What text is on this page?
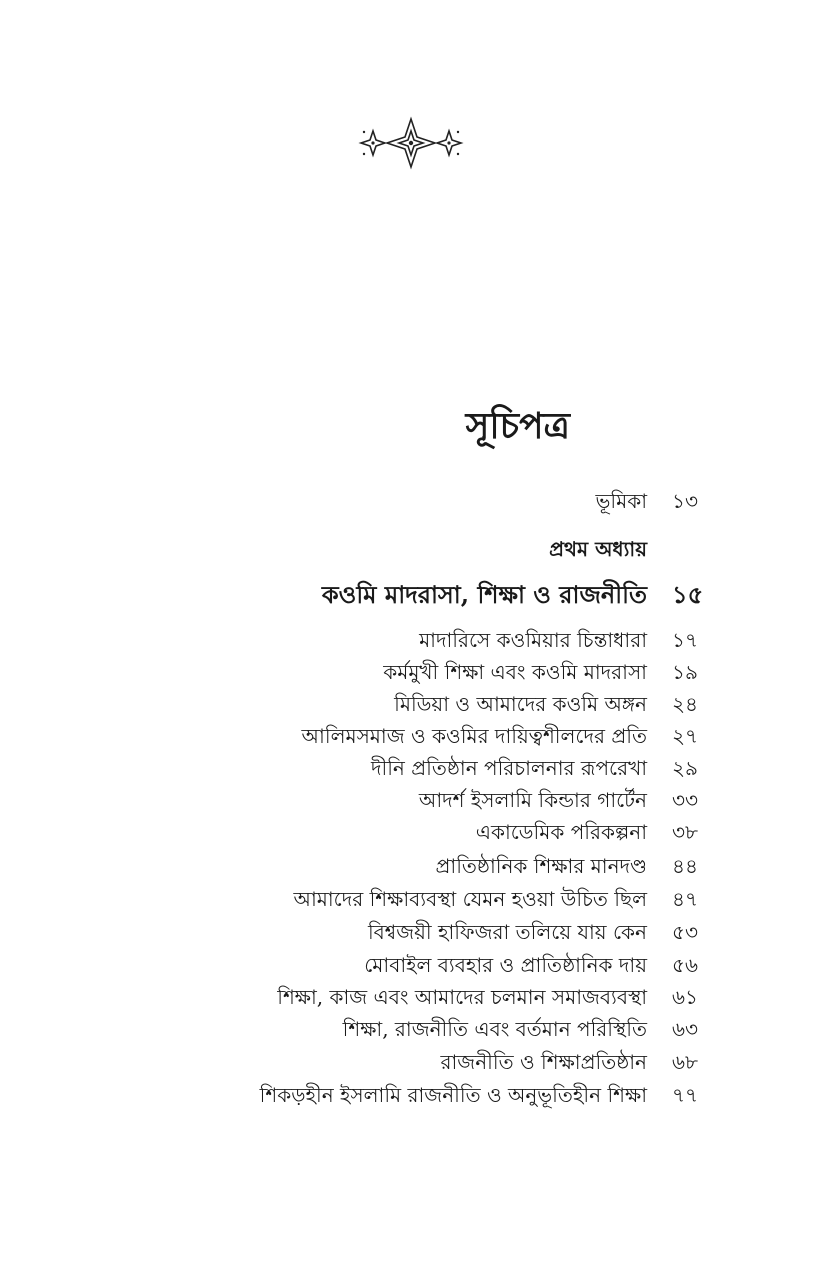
সূচিপত্র
ভূমিকা ১৩
প্রথম অধ্যায়
কওমি মাদরাসা, শিক্ষা ও রাজনীতি ১৫
মাদারিসে কওমিয়ার চিন্তাধারা ১৭
কর্মমুখী শিক্ষা এবং কওমি মাদরাসা ১৯
মিডিয়া ও আমাদের কওমি অঙ্গন ২৪
আলিমসমাজ ও কওমির দায়িত্বশীলদের প্রতি ২৭
দীনি প্রতিষ্ঠান পরিচালনার রূপরেখা ২৯
আদর্শ ইসলামি কিন্ডার গার্টেন ৩৩
একাডেমিক পরিকল্পনা ৩৮
প্রাতিষ্ঠানিক শিক্ষার মানদণ্ড ৪৪
আমাদের শিক্ষাব্যবস্থা যেমন হওয়া উচিত ছিল ৪৭
বিশ্বজয়ী হাফিজরা তলিয়ে যায় কেন ৫৩
মোবাইল ব্যবহার ও প্রাতিষ্ঠানিক দায় ৫৬
শিক্ষা, কাজ এবং আমাদের চলমান সমাজব্যবস্থা ৬১
শিক্ষা, রাজনীতি এবং বর্তমান পরিস্থিতি ৬৩
রাজনীতি ও শিক্ষাপ্রতিষ্ঠান ৬৮
শিকড়হীন ইসলামি রাজনীতি ও অনুভূতিহীন শিক্ষা ৭৭
